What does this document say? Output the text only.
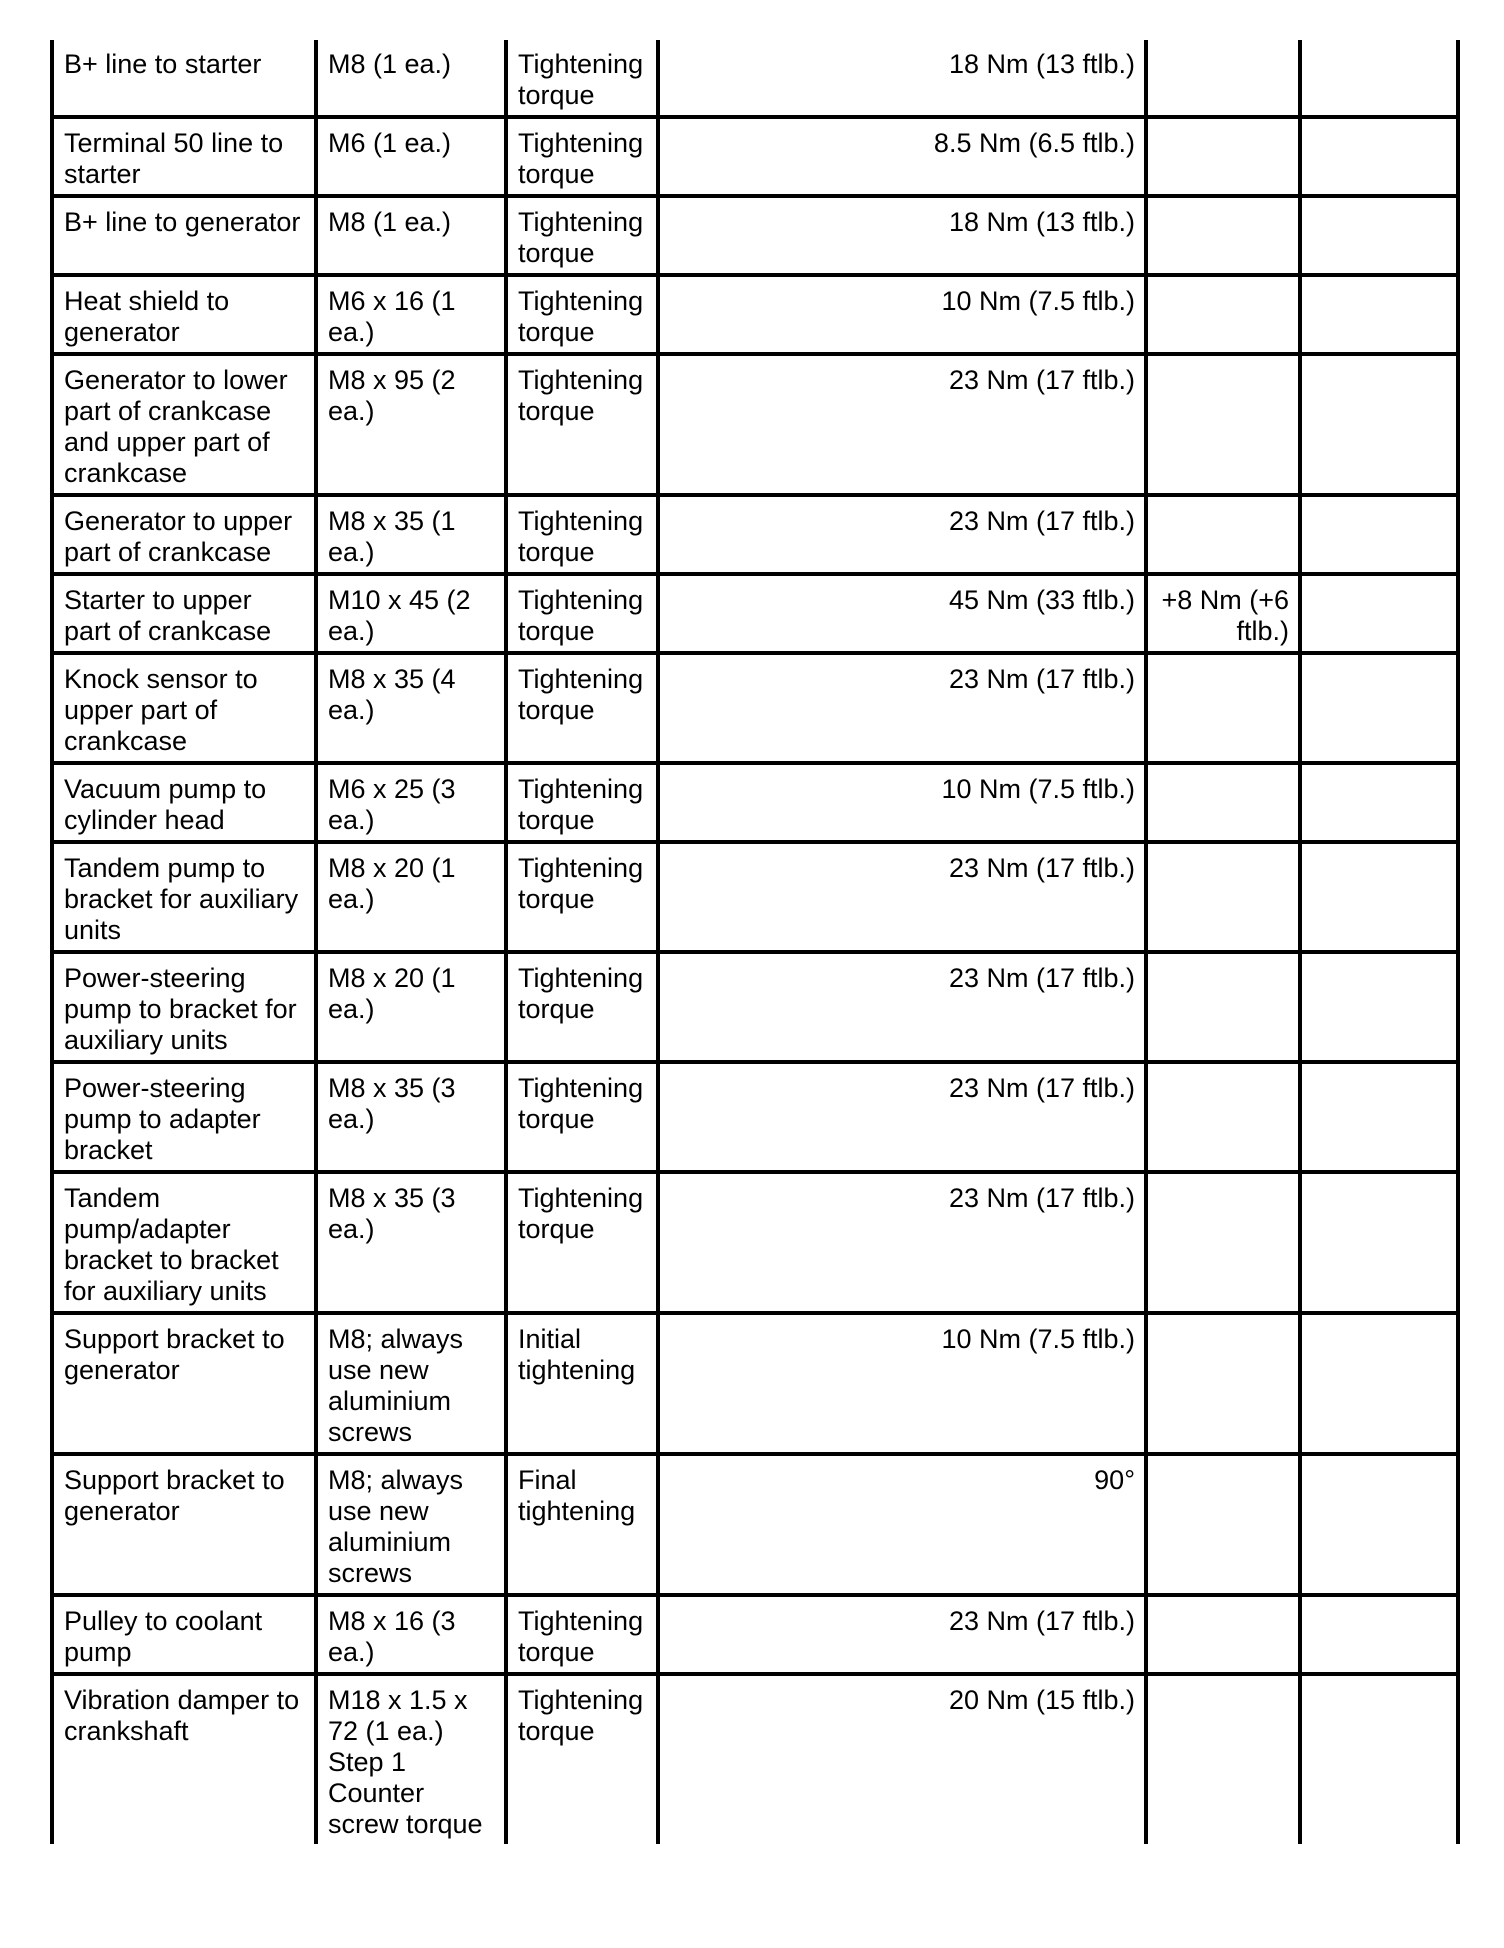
B+ line to starter	M8 (1 ea.)	Tightening torque	18 Nm (13 ftlb.)		
Terminal 50 line to starter	M6 (1 ea.)	Tightening torque	8.5 Nm (6.5 ftlb.)		
B+ line to generator	M8 (1 ea.)	Tightening torque	18 Nm (13 ftlb.)		
Heat shield to generator	M6 x 16 (1 ea.)	Tightening torque	10 Nm (7.5 ftlb.)		
Generator to lower part of crankcase and upper part of crankcase	M8 x 95 (2 ea.)	Tightening torque	23 Nm (17 ftlb.)		
Generator to upper part of crankcase	M8 x 35 (1 ea.)	Tightening torque	23 Nm (17 ftlb.)		
Starter to upper part of crankcase	M10 x 45 (2 ea.)	Tightening torque	45 Nm (33 ftlb.)	+8 Nm (+6 ftlb.)	
Knock sensor to upper part of crankcase	M8 x 35 (4 ea.)	Tightening torque	23 Nm (17 ftlb.)		
Vacuum pump to cylinder head	M6 x 25 (3 ea.)	Tightening torque	10 Nm (7.5 ftlb.)		
Tandem pump to bracket for auxiliary units	M8 x 20 (1 ea.)	Tightening torque	23 Nm (17 ftlb.)		
Power-steering pump to bracket for auxiliary units	M8 x 20 (1 ea.)	Tightening torque	23 Nm (17 ftlb.)		
Power-steering pump to adapter bracket	M8 x 35 (3 ea.)	Tightening torque	23 Nm (17 ftlb.)		
Tandem pump/adapter bracket to bracket for auxiliary units	M8 x 35 (3 ea.)	Tightening torque	23 Nm (17 ftlb.)		
Support bracket to generator	M8; always use new aluminium screws	Initial tightening	10 Nm (7.5 ftlb.)		
Support bracket to generator	M8; always use new aluminium screws	Final tightening	90°		
Pulley to coolant pump	M8 x 16 (3 ea.)	Tightening torque	23 Nm (17 ftlb.)		
Vibration damper to crankshaft	M18 x 1.5 x 72 (1 ea.) Step 1 Counter screw torque	Tightening torque	20 Nm (15 ftlb.)		
